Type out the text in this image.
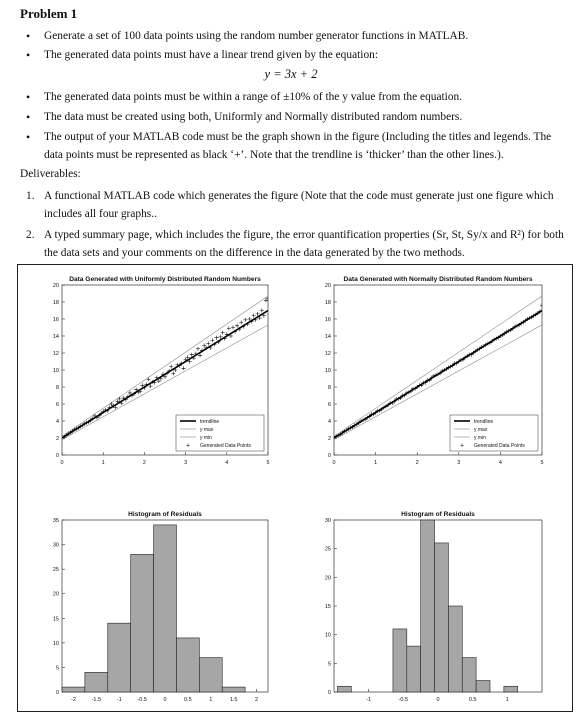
Problem 1
• Generate a set of 100 data points using the random number generator functions in MATLAB.
• The generated data points must have a linear trend given by the equation:
y = 3x + 2
• The generated data points must be within a range of ±10% of the y value from the equation.
• The data must be created using both, Uniformly and Normally distributed random numbers.
• The output of your MATLAB code must be the graph shown in the figure (Including the titles and legends. The data points must be represented as black ‘+’. Note that the trendline is ‘thicker’ than the other lines.).
Deliverables:
1. A functional MATLAB code which generates the figure (Note that the code must generate just one figure which includes all four graphs..
2. A typed summary page, which includes the figure, the error quantification properties (Sr, St, Sy/x and R²) for both the data sets and your comments on the difference in the data generated by the two methods.
0	1	2	3	4	5
0
2
4
6
8
10
12
14
16
18
20
Data Generated with Uniformly Distributed Random Numbers
trendline
y max
y min
+ Generated Data Points
0	1	2	3	4	5
0
2
4
6
8
10
12
14
16
18
20
Data Generated with Normally Distributed Random Numbers
trendline
y max
y min
+ Generated Data Points
-2	-1.5	-1	-0.5	0	0.5	1	1.5	2
0
5
10
15
20
25
30
35
Histogram of Residuals
-1	-0.5	0	0.5	1
0
5
10
15
20
25
30
Histogram of Residuals
